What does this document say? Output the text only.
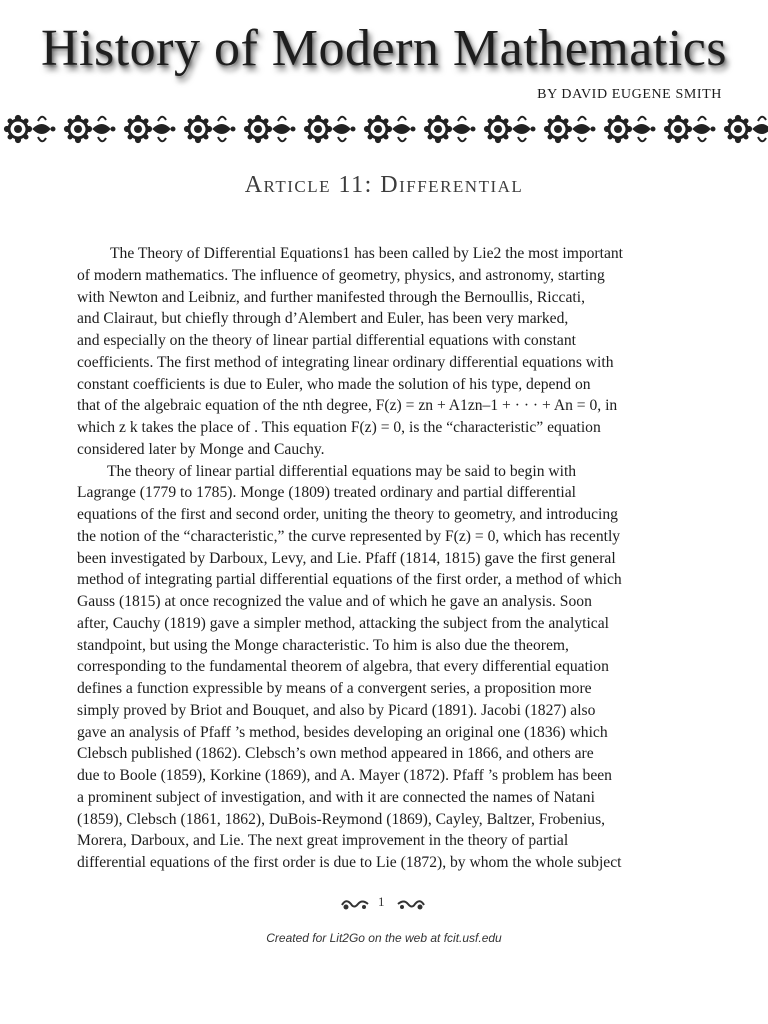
History of Modern Mathematics
BY DAVID EUGENE SMITH
Article 11: Differential

The Theory of Differential Equations1 has been called by Lie2 the most important
of modern mathematics. The influence of geometry, physics, and astronomy, starting
with Newton and Leibniz, and further manifested through the Bernoullis, Riccati,
and Clairaut, but chiefly through d’Alembert and Euler, has been very marked,
and especially on the theory of linear partial differential equations with constant
coefficients. The first method of integrating linear ordinary differential equations with
constant coefficients is due to Euler, who made the solution of his type, depend on
that of the algebraic equation of the nth degree, F(z) = zn + A1zn–1 + · · · + An = 0, in
which z k takes the place of . This equation F(z) = 0, is the “characteristic” equation
considered later by Monge and Cauchy.

The theory of linear partial differential equations may be said to begin with
Lagrange (1779 to 1785). Monge (1809) treated ordinary and partial differential
equations of the first and second order, uniting the theory to geometry, and introducing
the notion of the “characteristic,” the curve represented by F(z) = 0, which has recently
been investigated by Darboux, Levy, and Lie. Pfaff (1814, 1815) gave the first general
method of integrating partial differential equations of the first order, a method of which
Gauss (1815) at once recognized the value and of which he gave an analysis. Soon
after, Cauchy (1819) gave a simpler method, attacking the subject from the analytical
standpoint, but using the Monge characteristic. To him is also due the theorem,
corresponding to the fundamental theorem of algebra, that every differential equation
defines a function expressible by means of a convergent series, a proposition more
simply proved by Briot and Bouquet, and also by Picard (1891). Jacobi (1827) also
gave an analysis of Pfaff ’s method, besides developing an original one (1836) which
Clebsch published (1862). Clebsch’s own method appeared in 1866, and others are
due to Boole (1859), Korkine (1869), and A. Mayer (1872). Pfaff ’s problem has been
a prominent subject of investigation, and with it are connected the names of Natani
(1859), Clebsch (1861, 1862), DuBois-Reymond (1869), Cayley, Baltzer, Frobenius,
Morera, Darboux, and Lie. The next great improvement in the theory of partial
differential equations of the first order is due to Lie (1872), by whom the whole subject

1
Created for Lit2Go on the web at fcit.usf.edu
